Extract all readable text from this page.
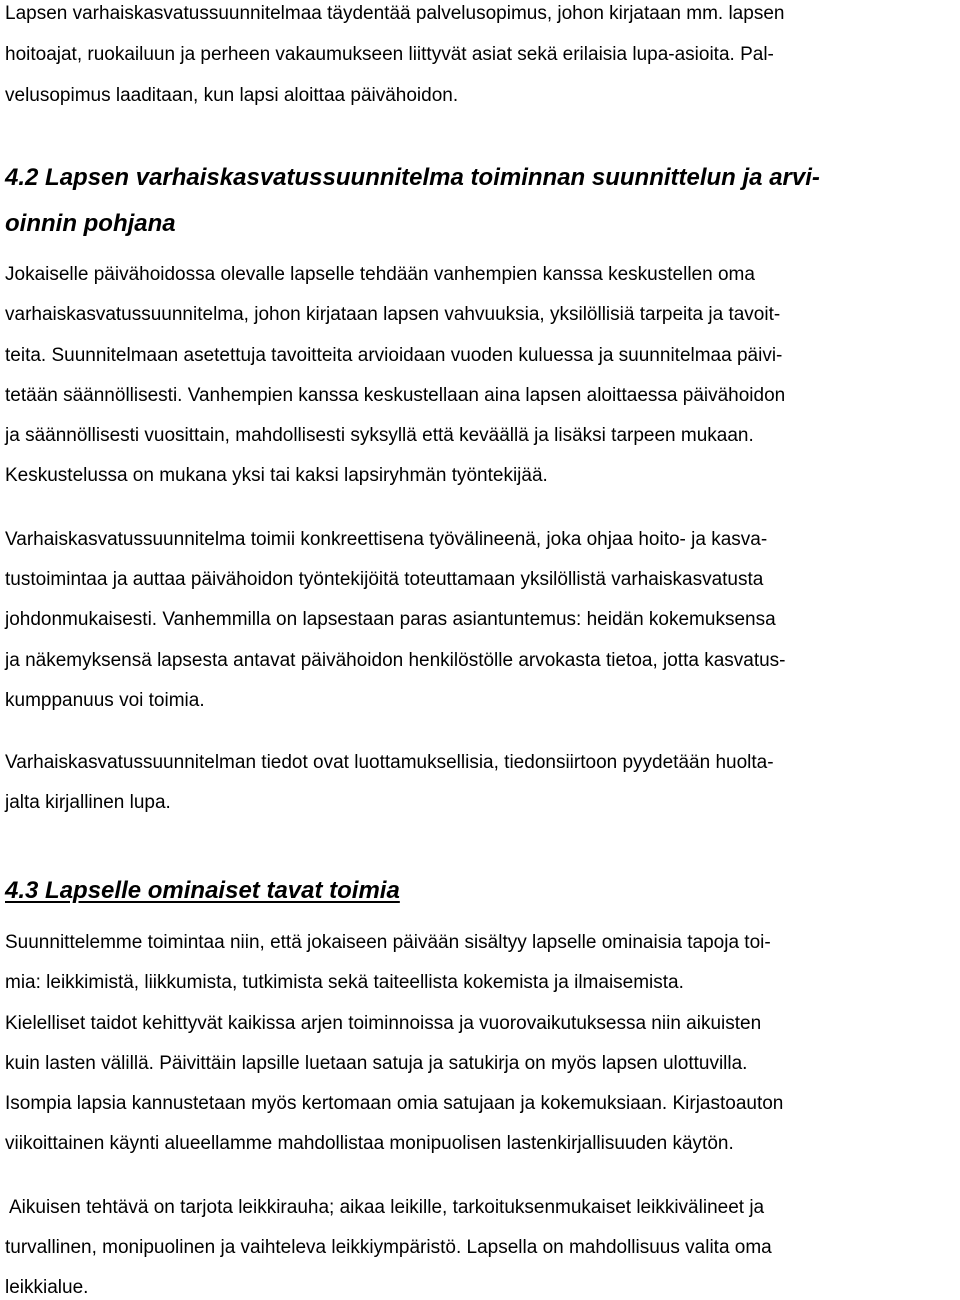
Lapsen varhaiskasvatussuunnitelmaa täydentää palvelusopimus, johon kirjataan mm. lapsen
hoitoajat, ruokailuun ja perheen vakaumukseen liittyvät asiat sekä erilaisia lupa-asioita. Pal-
velusopimus laaditaan, kun lapsi aloittaa päivähoidon.
4.2 Lapsen varhaiskasvatussuunnitelma toiminnan suunnittelun ja arvi-
oinnin pohjana
Jokaiselle päivähoidossa olevalle lapselle tehdään vanhempien kanssa keskustellen oma
varhaiskasvatussuunnitelma, johon kirjataan lapsen vahvuuksia, yksilöllisiä tarpeita ja tavoit-
teita. Suunnitelmaan asetettuja tavoitteita arvioidaan vuoden kuluessa ja suunnitelmaa päivi-
tetään säännöllisesti. Vanhempien kanssa keskustellaan aina lapsen aloittaessa päivähoidon
ja säännöllisesti vuosittain, mahdollisesti syksyllä että keväällä ja lisäksi tarpeen mukaan.
Keskustelussa on mukana yksi tai kaksi lapsiryhmän työntekijää.
Varhaiskasvatussuunnitelma toimii konkreettisena työvälineenä, joka ohjaa hoito- ja kasva-
tustoimintaa ja auttaa päivähoidon työntekijöitä toteuttamaan yksilöllistä varhaiskasvatusta
johdonmukaisesti. Vanhemmilla on lapsestaan paras asiantuntemus: heidän kokemuksensa
ja näkemyksensä lapsesta antavat päivähoidon henkilöstölle arvokasta tietoa, jotta kasvatus-
kumppanuus voi toimia.
Varhaiskasvatussuunnitelman tiedot ovat luottamuksellisia, tiedonsiirtoon pyydetään huolta-
jalta kirjallinen lupa.
4.3 Lapselle ominaiset tavat toimia
Suunnittelemme toimintaa niin, että jokaiseen päivään sisältyy lapselle ominaisia tapoja toi-
mia: leikkimistä, liikkumista, tutkimista sekä taiteellista kokemista ja ilmaisemista.
Kielelliset taidot kehittyvät kaikissa arjen toiminnoissa ja vuorovaikutuksessa niin aikuisten
kuin lasten välillä. Päivittäin lapsille luetaan satuja ja satukirja on myös lapsen ulottuvilla.
Isompia lapsia kannustetaan myös kertomaan omia satujaan ja kokemuksiaan. Kirjastoauton
viikoittainen käynti alueellamme mahdollistaa monipuolisen lastenkirjallisuuden käytön.
Aikuisen tehtävä on tarjota leikkirauha; aikaa leikille, tarkoituksenmukaiset leikkivälineet ja
turvallinen, monipuolinen ja vaihteleva leikkiympäristö. Lapsella on mahdollisuus valita oma
leikkialue.
